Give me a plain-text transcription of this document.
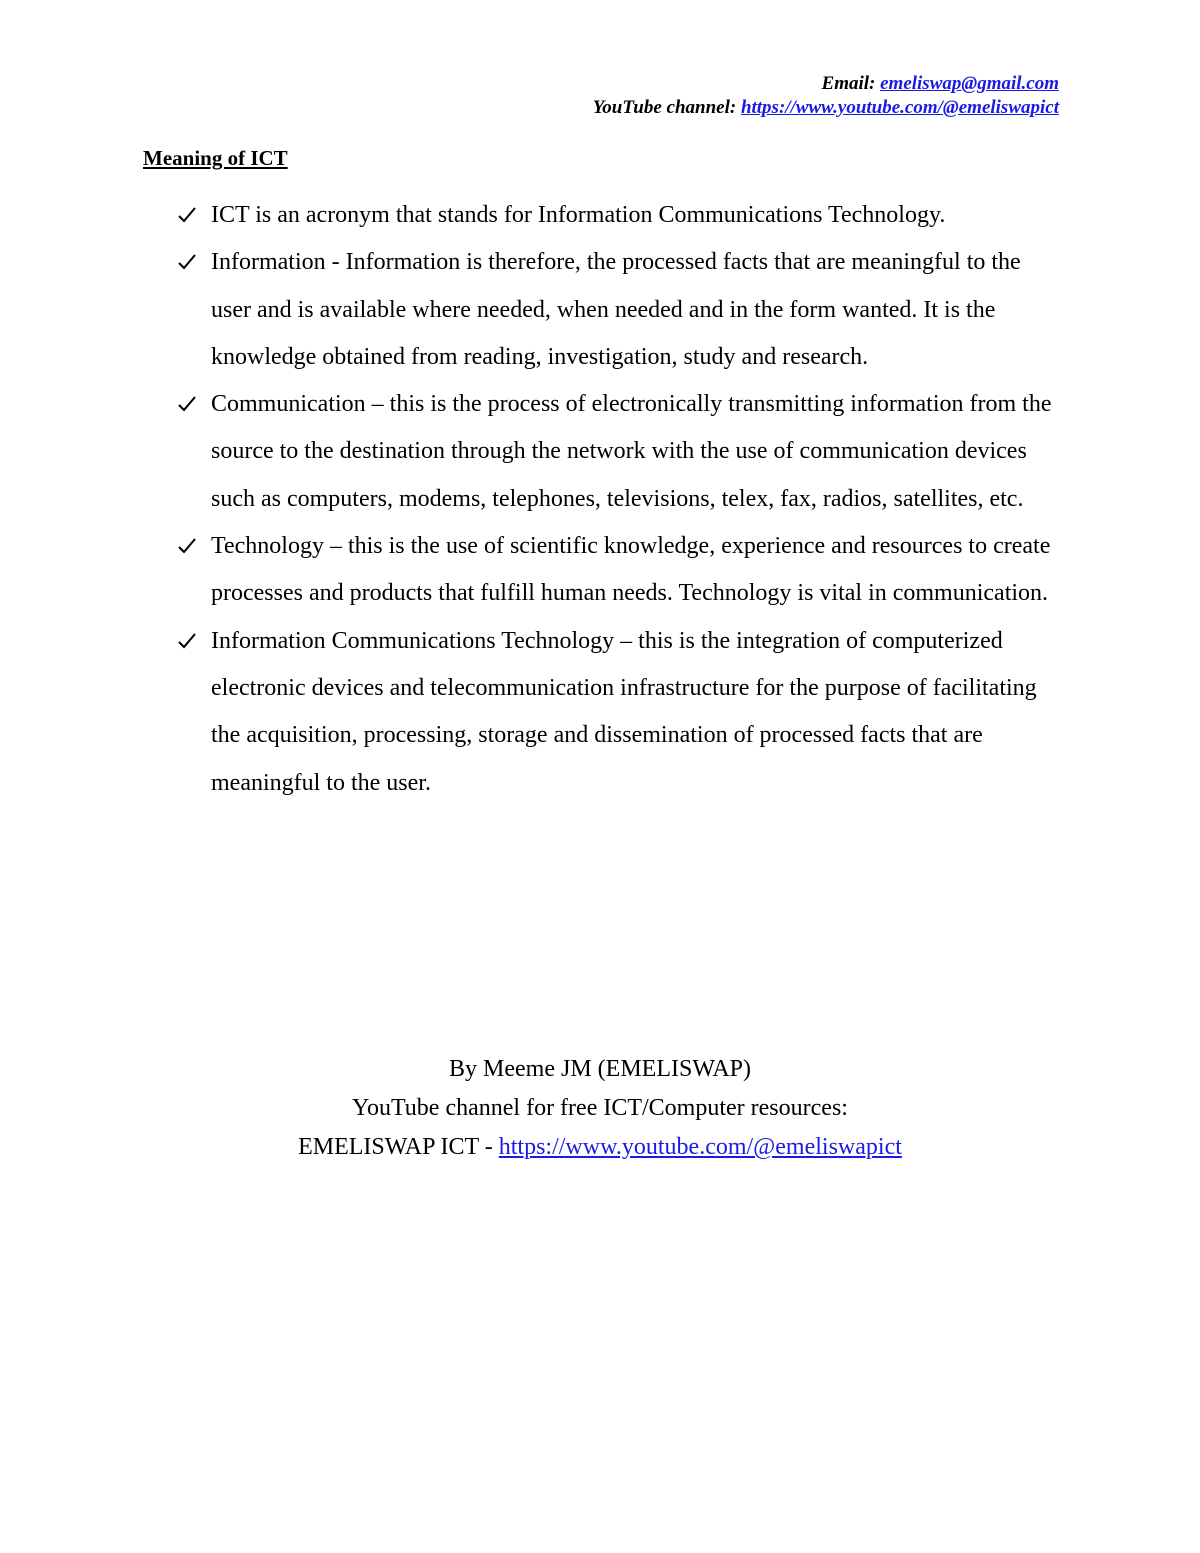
Email: emeliswap@gmail.com
YouTube channel: https://www.youtube.com/@emeliswapict
Meaning of ICT
ICT is an acronym that stands for Information Communications Technology.
Information - Information is therefore, the processed facts that are meaningful to the user and is available where needed, when needed and in the form wanted. It is the knowledge obtained from reading, investigation, study and research.
Communication – this is the process of electronically transmitting information from the source to the destination through the network with the use of communication devices such as computers, modems, telephones, televisions, telex, fax, radios, satellites, etc.
Technology – this is the use of scientific knowledge, experience and resources to create processes and products that fulfill human needs. Technology is vital in communication.
Information Communications Technology – this is the integration of computerized electronic devices and telecommunication infrastructure for the purpose of facilitating the acquisition, processing, storage and dissemination of processed facts that are meaningful to the user.
By Meeme JM (EMELISWAP)
YouTube channel for free ICT/Computer resources:
EMELISWAP ICT - https://www.youtube.com/@emeliswapict
